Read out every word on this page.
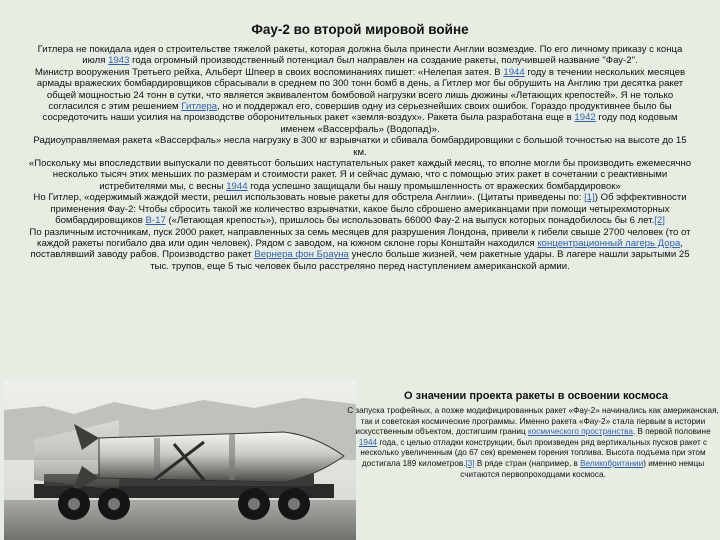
Фау-2 во второй мировой войне

Гитлера не покидала идея о строительстве тяжелой ракеты, которая должна была принести Англии возмездие. По его личному приказу с конца июля 1943 года огромный производственный потенциал был направлен на создание ракеты, получившей название "Фау-2".

Министр вооружения Третьего рейха, Альберт Шпеер в своих воспоминаниях пишет: «Нелепая затея. В 1944 году в течении нескольких месяцев армады вражеских бомбардировщиков сбрасывали в среднем по 300 тонн бомб в день, а Гитлер мог бы обрушить на Англию три десятка ракет общей мощностью 24 тонн в сутки, что является эквивалентом бомбовой нагрузки всего лишь дюжины «Летающих крепостей». Я не только согласился с этим решением Гитлера, но и поддержал его, совершив одну из серьезнейших своих ошибок. Гораздо продуктивнее было бы сосредоточить наши усилия на производстве оборонительных ракет «земля-воздух». Ракета была разработана еще в 1942 году под кодовым именем «Вассерфаль» (Водопад)».

Радиоуправляемая ракета «Вассерфаль» несла нагрузку в 300 кг взрывчатки и сбивала бомбардировщики с большой точностью на высоте до 15 км.

«Поскольку мы впоследствии выпускали по девятьсот больших наступательных ракет каждый месяц, то вполне могли бы производить ежемесячно несколько тысяч этих меньших по размерам и стоимости ракет. Я и сейчас думаю, что с помощью этих ракет в сочетании с реактивными истребителями мы, с весны 1944 года успешно защищали бы нашу промышленность от вражеских бомбардировок»

Но Гитлер, «одержимый жаждой мести, решил использовать новые ракеты для обстрела Англии». (Цитаты приведены по: [1]) Об эффективности применения Фау-2: Чтобы сбросить такой же количество взрывчатки, какое было сброшено американцами при помощи четырехмоторных бомбардировщиков B-17 («Летающая крепость»), пришлось бы использовать 66000 Фау-2 на выпуск которых понадобилось бы 6 лет.[2]

По различным источникам, пуск 2000 ракет, направленных за семь месяцев для разрушения Лондона, привели к гибели свыше 2700 человек (то от каждой ракеты погибало два или один человек). Рядом с заводом, на южном склоне горы Конштайн находился концентрационный лагерь Дора, поставлявший заводу рабов. Производство ракет Вернера фон Брауна унесло больше жизней, чем ракетные удары. В лагере нашли зарытыми 25 тыс. трупов, еще 5 тыс человек было расстреляно перед наступлением американской армии.

О значении проекта ракеты в освоении космоса

С запуска трофейных, а позже модифицированных ракет «Фау-2» начинались как американская, так и советская космические программы. Именно ракета «Фау-2» стала первым в истории искусственным объектом, достигшим границ космического пространства. В первой половине 1944 года, с целью отладки конструкции, был произведен ряд вертикальных пусков ракет с несколько увеличенным (до 67 сек) временем горения топлива. Высота подъема при этом достигала 189 километров.[3] В ряде стран (например, в Великобритании) именно немцы считаются первопроходцами космоса.
